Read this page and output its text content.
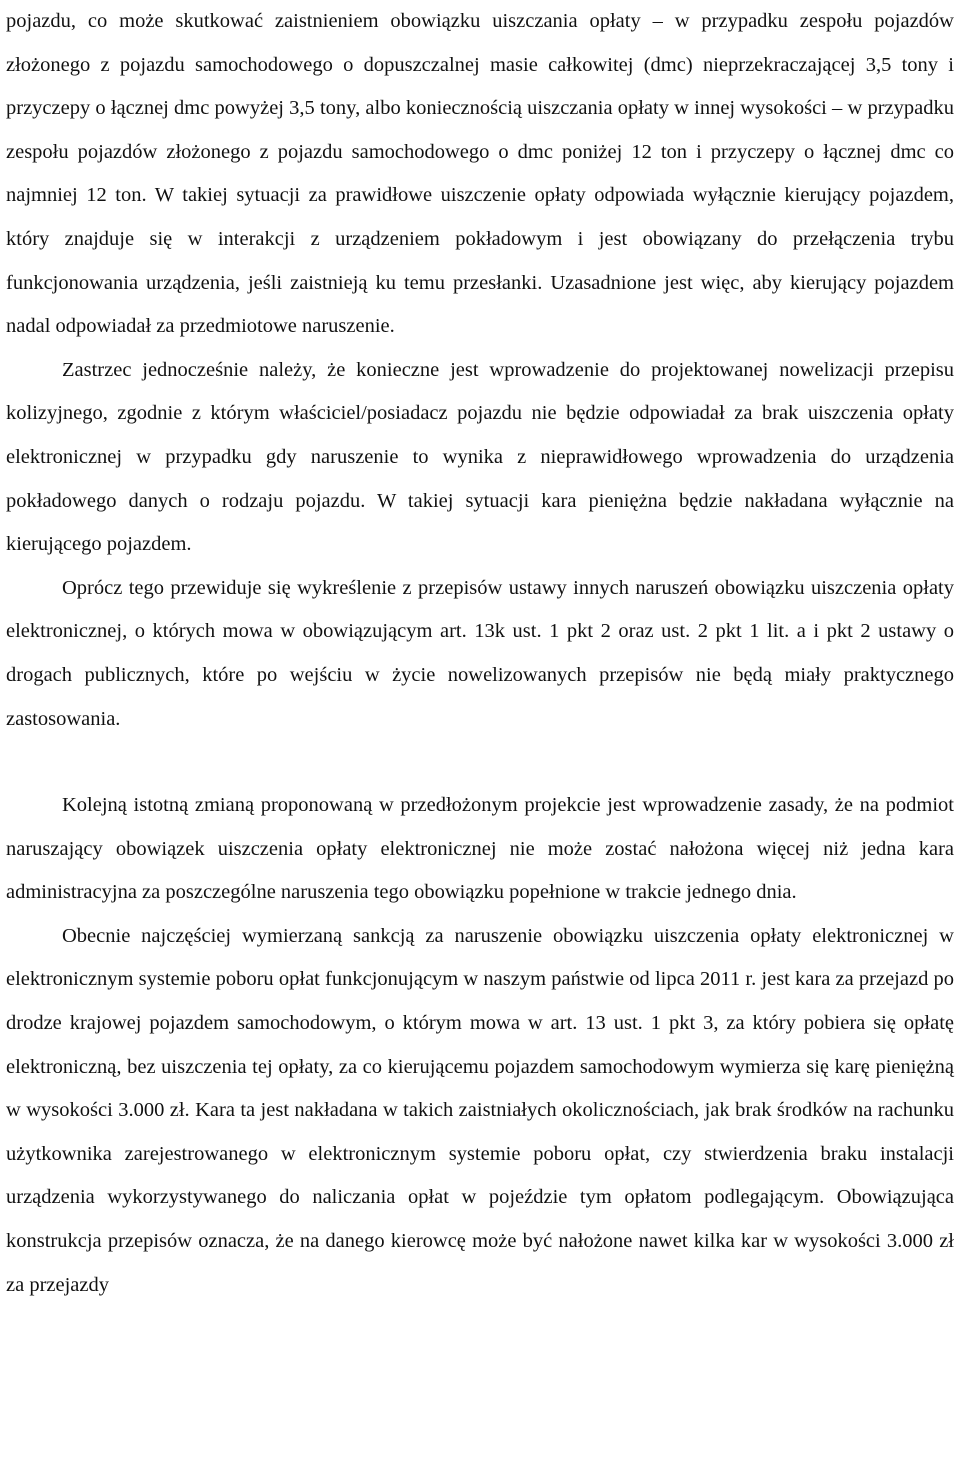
pojazdu, co może skutkować zaistnieniem obowiązku uiszczania opłaty – w przypadku zespołu pojazdów złożonego z pojazdu samochodowego o dopuszczalnej masie całkowitej (dmc) nieprzekraczającej 3,5 tony i przyczepy o łącznej dmc powyżej 3,5 tony, albo koniecznością uiszczania opłaty w innej wysokości – w przypadku zespołu pojazdów złożonego z pojazdu samochodowego o dmc poniżej 12 ton i przyczepy o łącznej dmc co najmniej 12 ton. W takiej sytuacji za prawidłowe uiszczenie opłaty odpowiada wyłącznie kierujący pojazdem, który znajduje się w interakcji z urządzeniem pokładowym i jest obowiązany do przełączenia trybu funkcjonowania urządzenia, jeśli zaistnieją ku temu przesłanki. Uzasadnione jest więc, aby kierujący pojazdem nadal odpowiadał za przedmiotowe naruszenie.

Zastrzec jednocześnie należy, że konieczne jest wprowadzenie do projektowanej nowelizacji przepisu kolizyjnego, zgodnie z którym właściciel/posiadacz pojazdu nie będzie odpowiadał za brak uiszczenia opłaty elektronicznej w przypadku gdy naruszenie to wynika z nieprawidłowego wprowadzenia do urządzenia pokładowego danych o rodzaju pojazdu. W takiej sytuacji kara pieniężna będzie nakładana wyłącznie na kierującego pojazdem.

Oprócz tego przewiduje się wykreślenie z przepisów ustawy innych naruszeń obowiązku uiszczenia opłaty elektronicznej, o których mowa w obowiązującym art. 13k ust. 1 pkt 2 oraz ust. 2 pkt 1 lit. a i pkt 2 ustawy o drogach publicznych, które po wejściu w życie nowelizowanych przepisów nie będą miały praktycznego zastosowania.

Kolejną istotną zmianą proponowaną w przedłożonym projekcie jest wprowadzenie zasady, że na podmiot naruszający obowiązek uiszczenia opłaty elektronicznej nie może zostać nałożona więcej niż jedna kara administracyjna za poszczególne naruszenia tego obowiązku popełnione w trakcie jednego dnia.

Obecnie najczęściej wymierzaną sankcją za naruszenie obowiązku uiszczenia opłaty elektronicznej w elektronicznym systemie poboru opłat funkcjonującym w naszym państwie od lipca 2011 r. jest kara za przejazd po drodze krajowej pojazdem samochodowym, o którym mowa w art. 13 ust. 1 pkt 3, za który pobiera się opłatę elektroniczną, bez uiszczenia tej opłaty, za co kierującemu pojazdem samochodowym wymierza się karę pieniężną w wysokości 3.000 zł. Kara ta jest nakładana w takich zaistniałych okolicznościach, jak brak środków na rachunku użytkownika zarejestrowanego w elektronicznym systemie poboru opłat, czy stwierdzenia braku instalacji urządzenia wykorzystywanego do naliczania opłat w pojeździe tym opłatom podlegającym. Obowiązująca konstrukcja przepisów oznacza, że na danego kierowcę może być nałożone nawet kilka kar w wysokości 3.000 zł za przejazdy
